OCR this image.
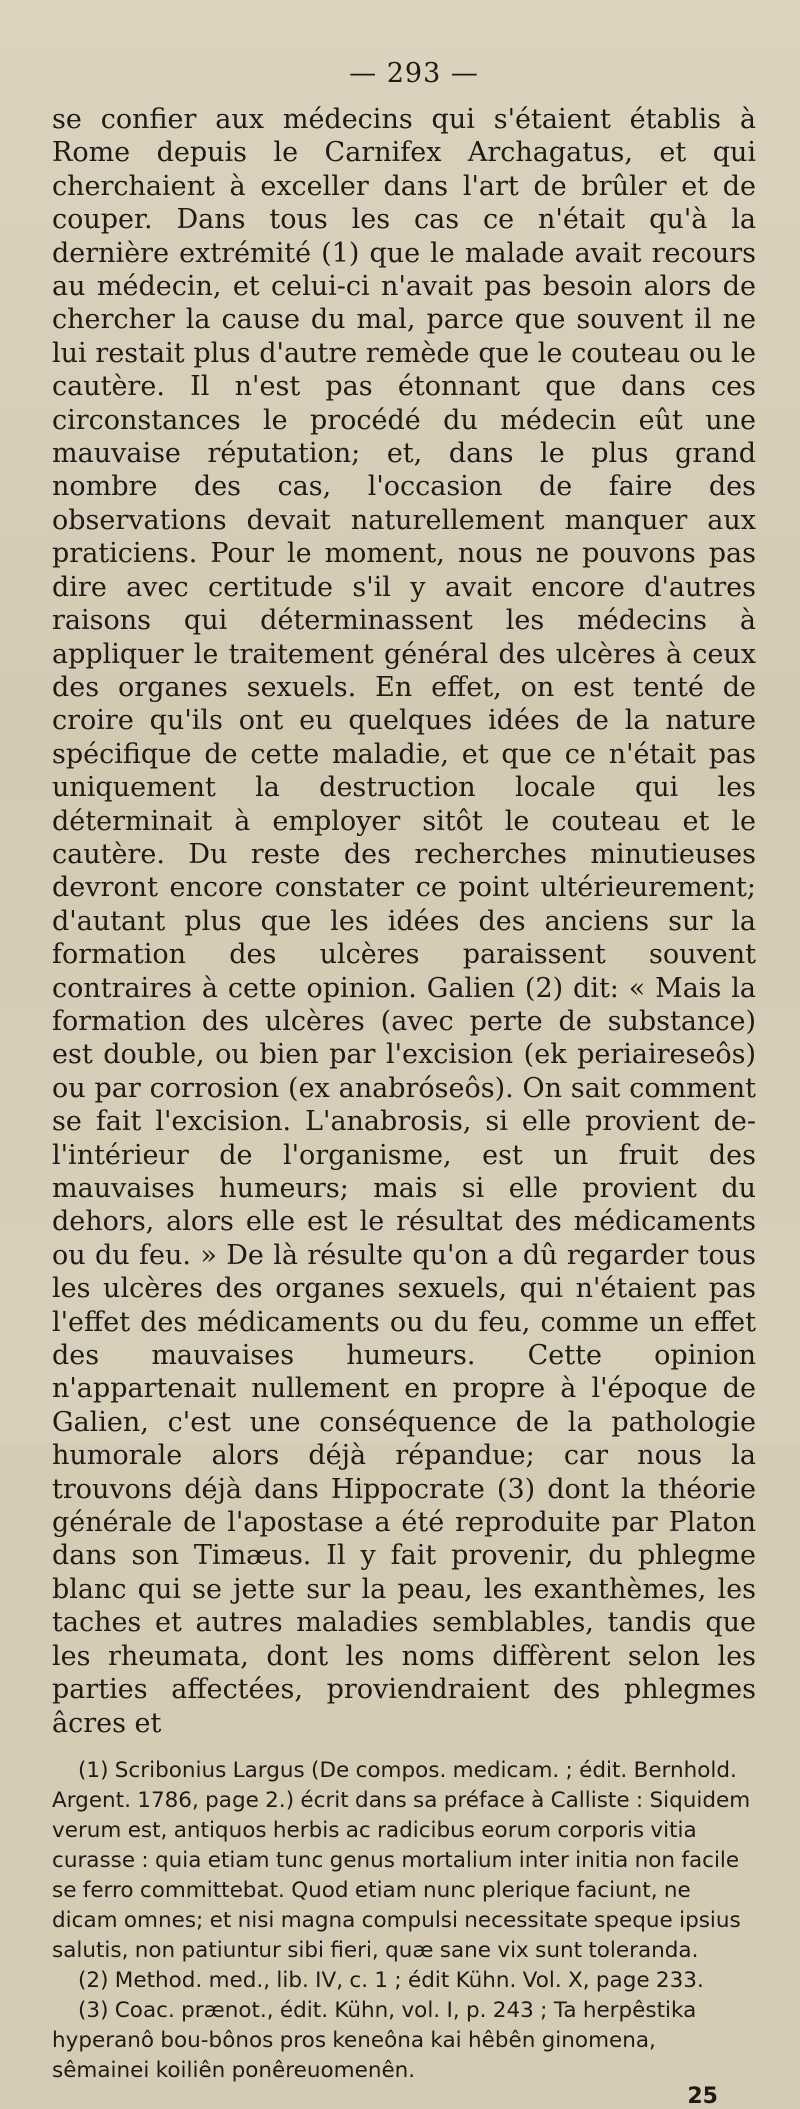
— 293 —

se confier aux médecins qui s'étaient établis à Rome depuis le Carnifex Archagatus, et qui cherchaient à exceller dans l'art de brûler et de couper. Dans tous les cas ce n'était qu'à la dernière extrémité (1) que le malade avait recours au médecin, et celui-ci n'avait pas besoin alors de chercher la cause du mal, parce que souvent il ne lui restait plus d'autre remède que le couteau ou le cautère. Il n'est pas étonnant que dans ces circonstances le procédé du médecin eût une mauvaise réputation; et, dans le plus grand nombre des cas, l'occasion de faire des observations devait naturellement manquer aux praticiens. Pour le moment, nous ne pouvons pas dire avec certitude s'il y avait encore d'autres raisons qui déterminassent les médecins à appliquer le traitement général des ulcères à ceux des organes sexuels. En effet, on est tenté de croire qu'ils ont eu quelques idées de la nature spécifique de cette maladie, et que ce n'était pas uniquement la destruction locale qui les déterminait à employer sitôt le couteau et le cautère. Du reste des recherches minutieuses devront encore constater ce point ultérieurement; d'autant plus que les idées des anciens sur la formation des ulcères paraissent souvent contraires à cette opinion. Galien (2) dit: « Mais la formation des ulcères (avec perte de substance) est double, ou bien par l'excision (ek periaireseôs) ou par corrosion (ex anabróseôs). On sait comment se fait l'excision. L'anabrosis, si elle provient de-l'intérieur de l'organisme, est un fruit des mauvaises humeurs; mais si elle provient du dehors, alors elle est le résultat des médicaments ou du feu. » De là résulte qu'on a dû regarder tous les ulcères des organes sexuels, qui n'étaient pas l'effet des médicaments ou du feu, comme un effet des mauvaises humeurs. Cette opinion n'appartenait nullement en propre à l'époque de Galien, c'est une conséquence de la pathologie humorale alors déjà répandue; car nous la trouvons déjà dans Hippocrate (3) dont la théorie générale de l'apostase a été reproduite par Platon dans son Timæus. Il y fait provenir, du phlegme blanc qui se jette sur la peau, les exanthèmes, les taches et autres maladies semblables, tandis que les rheumata, dont les noms diffèrent selon les parties affectées, proviendraient des phlegmes âcres et

(1) Scribonius Largus (De compos. medicam. ; édit. Bernhold. Argent. 1786, page 2.) écrit dans sa préface à Calliste : Siquidem verum est, antiquos herbis ac radicibus eorum corporis vitia curasse : quia etiam tunc genus mortalium inter initia non facile se ferro committebat. Quod etiam nunc plerique faciunt, ne dicam omnes; et nisi magna compulsi necessitate speque ipsius salutis, non patiuntur sibi fieri, quæ sane vix sunt toleranda.

(2) Method. med., lib. IV, c. 1 ; édit Kühn. Vol. X, page 233.

(3) Coac. prænot., édit. Kühn, vol. I, p. 243 ; Ta herpêstika hyperanô bou-bônos pros keneôna kai hêbên ginomena, sêmainei koiliên ponêreuomenên.

25
